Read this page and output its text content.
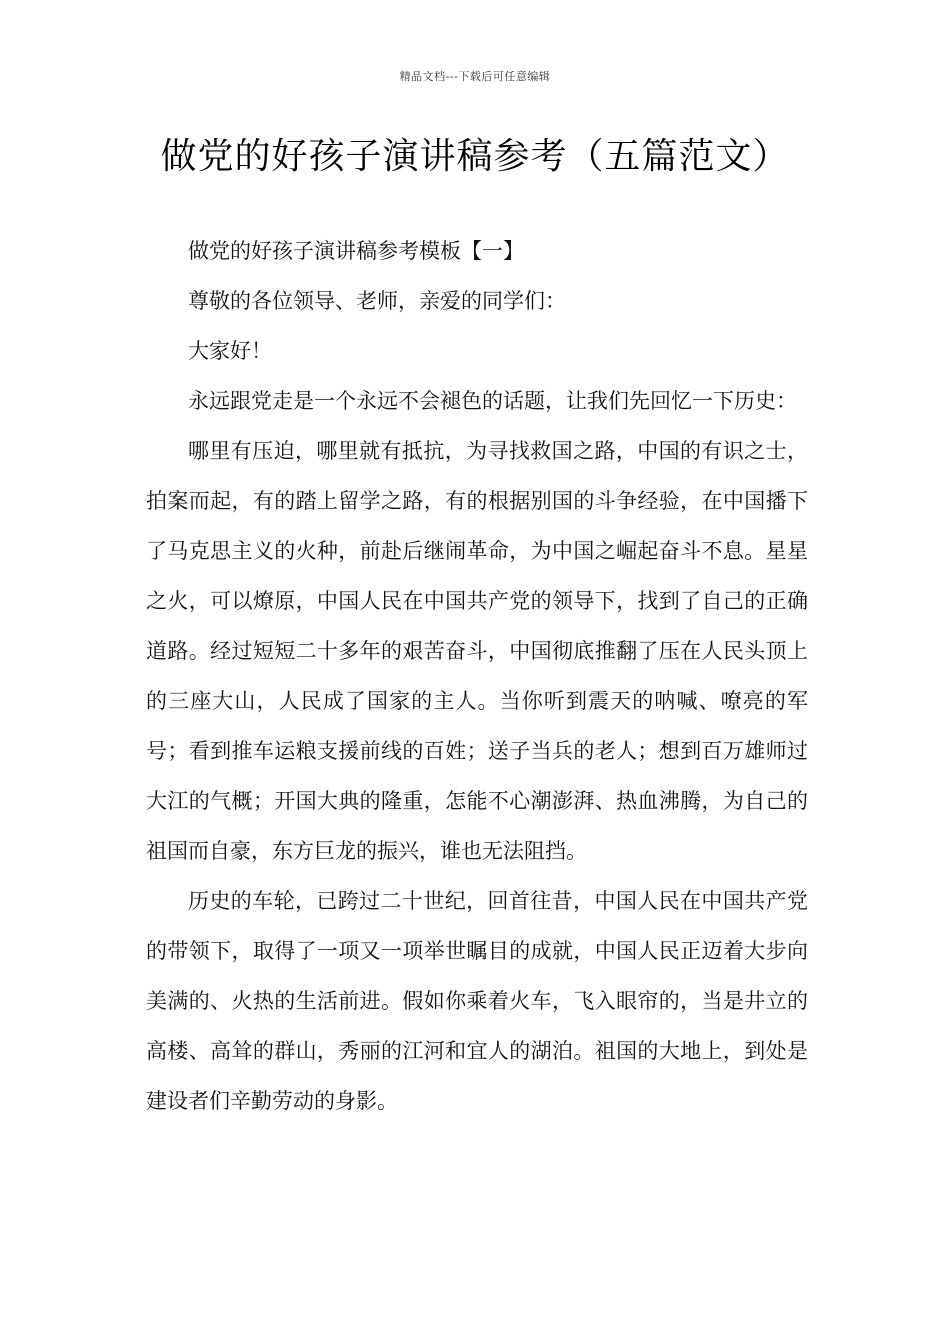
精品文档---下载后可任意编辑
做党的好孩子演讲稿参考（五篇范文）

做党的好孩子演讲稿参考模板【一】

尊敬的各位领导、老师，亲爱的同学们：

大家好！

永远跟党走是一个永远不会褪色的话题，让我们先回忆一下历史：

哪里有压迫，哪里就有抵抗，为寻找救国之路，中国的有识之士，拍案而起，有的踏上留学之路，有的根据别国的斗争经验，在中国播下了马克思主义的火种，前赴后继闹革命，为中国之崛起奋斗不息。星星之火，可以燎原，中国人民在中国共产党的领导下，找到了自己的正确道路。经过短短二十多年的艰苦奋斗，中国彻底推翻了压在人民头顶上的三座大山，人民成了国家的主人。当你听到震天的呐喊、嘹亮的军号；看到推车运粮支援前线的百姓；送子当兵的老人；想到百万雄师过大江的气概；开国大典的隆重，怎能不心潮澎湃、热血沸腾，为自己的祖国而自豪，东方巨龙的振兴，谁也无法阻挡。

历史的车轮，已跨过二十世纪，回首往昔，中国人民在中国共产党的带领下，取得了一项又一项举世瞩目的成就，中国人民正迈着大步向美满的、火热的生活前进。假如你乘着火车，飞入眼帘的，当是井立的高楼、高耸的群山，秀丽的江河和宜人的湖泊。祖国的大地上，到处是建设者们辛勤劳动的身影。
